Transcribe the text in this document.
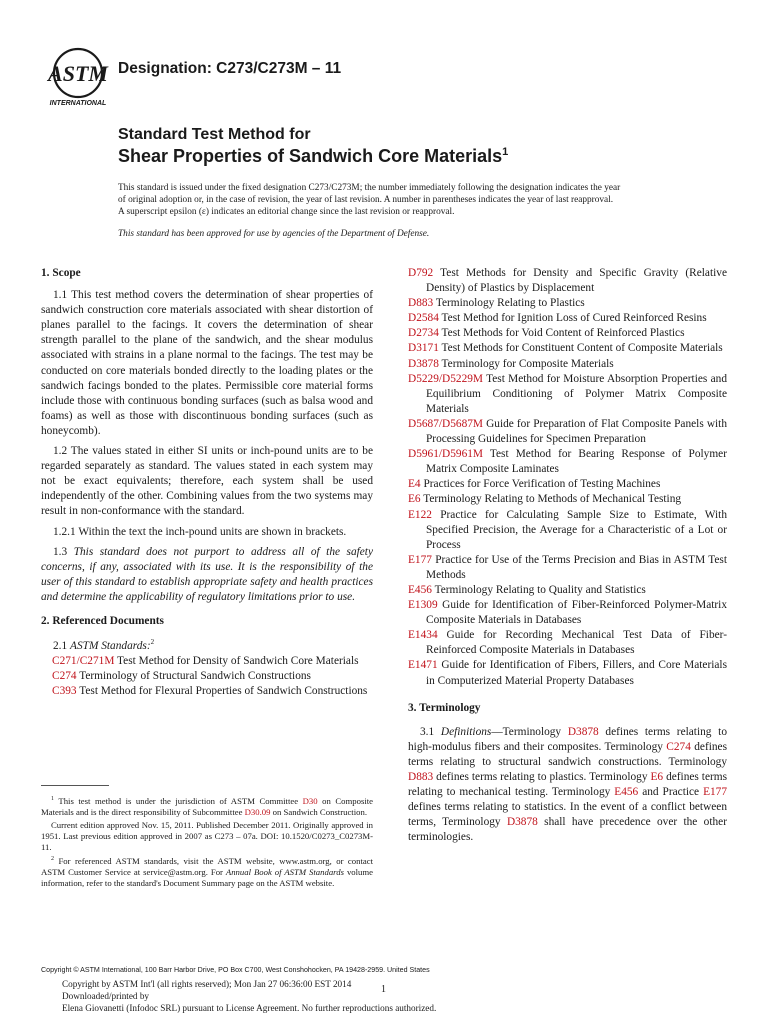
ASTM
INTERNATIONAL
Designation: C273/C273M – 11
Standard Test Method for
Shear Properties of Sandwich Core Materials$^1$
This standard is issued under the fixed designation C273/C273M; the number immediately following the designation indicates the year
of original adoption or, in the case of revision, the year of last revision. A number in parentheses indicates the year of last reapproval.
A superscript epsilon (ε) indicates an editorial change since the last revision or reapproval.
This standard has been approved for use by agencies of the Department of Defense.
1. Scope

1.1 This test method covers the determination of shear properties of sandwich construction core materials associated with shear distortion of planes parallel to the facings. It covers the determination of shear strength parallel to the plane of the sandwich, and the shear modulus associated with strains in a plane normal to the facings. The test may be conducted on core materials bonded directly to the loading plates or the sandwich facings bonded to the plates. Permissible core material forms include those with continuous bonding surfaces (such as balsa wood and foams) as well as those with discontinuous bonding surfaces (such as honeycomb).

1.2 The values stated in either SI units or inch-pound units are to be regarded separately as standard. The values stated in each system may not be exact equivalents; therefore, each system shall be used independently of the other. Combining values from the two systems may result in non-conformance with the standard.

1.2.1 Within the text the inch-pound units are shown in brackets.

1.3 This standard does not purport to address all of the safety concerns, if any, associated with its use. It is the responsibility of the user of this standard to establish appropriate safety and health practices and determine the applicability of regulatory limitations prior to use.

2. Referenced Documents

2.1 ASTM Standards:$^2$

C271/C271M Test Method for Density of Sandwich Core Materials

C274 Terminology of Structural Sandwich Constructions

C393 Test Method for Flexural Properties of Sandwich Constructions

$^1$ This test method is under the jurisdiction of ASTM Committee D30 on Composite Materials and is the direct responsibility of Subcommittee D30.09 on Sandwich Construction.

Current edition approved Nov. 15, 2011. Published December 2011. Originally approved in 1951. Last previous edition approved in 2007 as C273 – 07a. DOI: 10.1520/C0273_C0273M-11.

$^2$ For referenced ASTM standards, visit the ASTM website, www.astm.org, or contact ASTM Customer Service at service@astm.org. For Annual Book of ASTM Standards volume information, refer to the standard's Document Summary page on the ASTM website.

D792 Test Methods for Density and Specific Gravity (Relative Density) of Plastics by Displacement

D883 Terminology Relating to Plastics

D2584 Test Method for Ignition Loss of Cured Reinforced Resins

D2734 Test Methods for Void Content of Reinforced Plastics

D3171 Test Methods for Constituent Content of Composite Materials

D3878 Terminology for Composite Materials

D5229/D5229M Test Method for Moisture Absorption Properties and Equilibrium Conditioning of Polymer Matrix Composite Materials

D5687/D5687M Guide for Preparation of Flat Composite Panels with Processing Guidelines for Specimen Preparation

D5961/D5961M Test Method for Bearing Response of Polymer Matrix Composite Laminates

E4 Practices for Force Verification of Testing Machines

E6 Terminology Relating to Methods of Mechanical Testing

E122 Practice for Calculating Sample Size to Estimate, With Specified Precision, the Average for a Characteristic of a Lot or Process

E177 Practice for Use of the Terms Precision and Bias in ASTM Test Methods

E456 Terminology Relating to Quality and Statistics

E1309 Guide for Identification of Fiber-Reinforced Polymer-Matrix Composite Materials in Databases

E1434 Guide for Recording Mechanical Test Data of Fiber-Reinforced Composite Materials in Databases

E1471 Guide for Identification of Fibers, Fillers, and Core Materials in Computerized Material Property Databases

3. Terminology

3.1 Definitions—Terminology D3878 defines terms relating to high-modulus fibers and their composites. Terminology C274 defines terms relating to structural sandwich constructions. Terminology D883 defines terms relating to plastics. Terminology E6 defines terms relating to mechanical testing. Terminology E456 and Practice E177 defines terms relating to statistics. In the event of a conflict between terms, Terminology D3878 shall have precedence over the other terminologies.

Copyright © ASTM International, 100 Barr Harbor Drive, PO Box C700, West Conshohocken, PA 19428-2959. United States
Copyright by ASTM Int'l (all rights reserved); Mon Jan 27 06:36:00 EST 2014
Downloaded/printed by
Elena Giovanetti (Infodoc SRL) pursuant to License Agreement. No further reproductions authorized.
1
